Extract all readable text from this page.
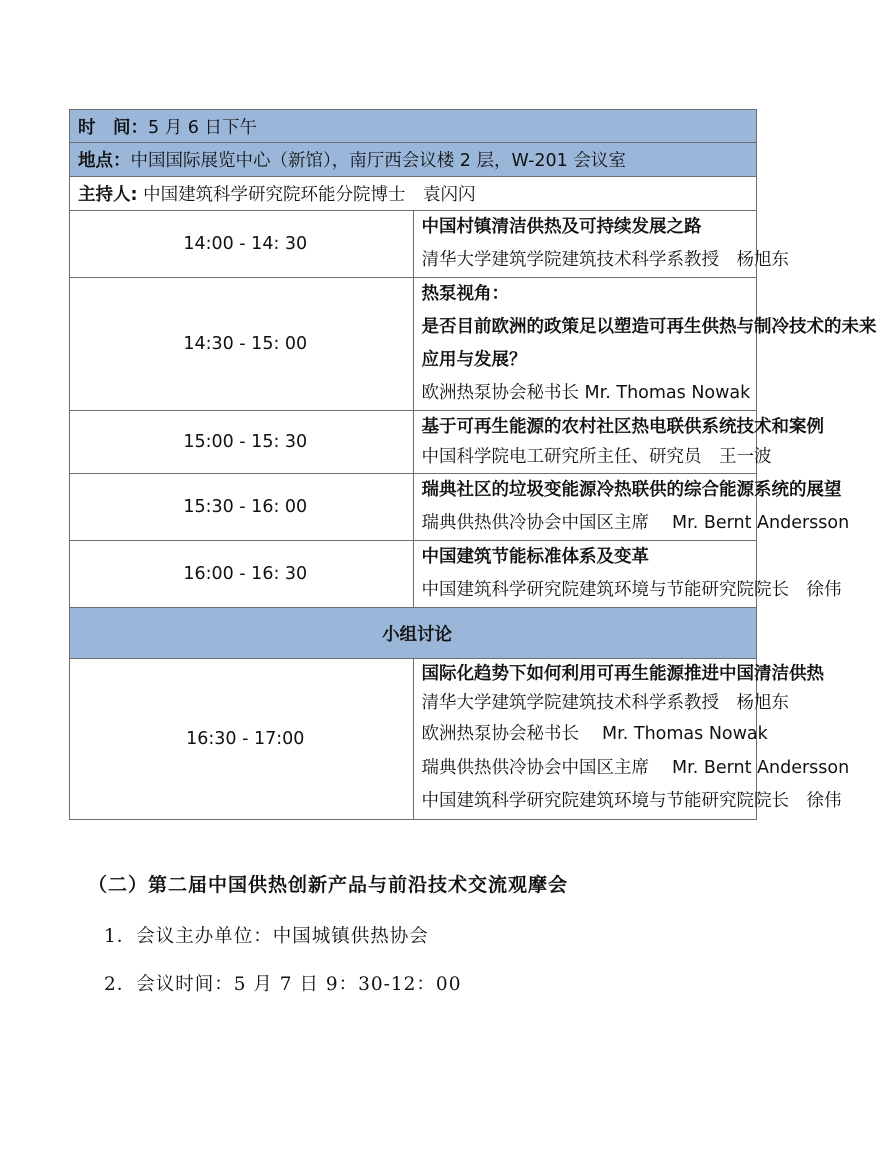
时　间：5 月 6 日下午	
地点：中国国际展览中心（新馆），南厅西会议楼 2 层，W-201 会议室	
主持人: 中国建筑科学研究院环能分院博士　袁闪闪	
14:00 - 14: 30	中国村镇清洁供热及可持续发展之路
清华大学建筑学院建筑技术科学系教授　杨旭东

14:30 - 15: 00	热泵视角：
是否目前欧洲的政策足以塑造可再生供热与制冷技术的未来
应用与发展？
欧洲热泵协会秘书长 Mr. Thomas Nowak

15:00 - 15: 30	基于可再生能源的农村社区热电联供系统技术和案例
中国科学院电工研究所主任、研究员　王一波

15:30 - 16: 00	瑞典社区的垃圾变能源冷热联供的综合能源系统的展望
瑞典供热供冷协会中国区主席　 Mr. Bernt Andersson

16:00 - 16: 30	中国建筑节能标准体系及变革
中国建筑科学研究院建筑环境与节能研究院院长　徐伟

小组讨论	
16:30 - 17:00	国际化趋势下如何利用可再生能源推进中国清洁供热
清华大学建筑学院建筑技术科学系教授　杨旭东
欧洲热泵协会秘书长　 Mr. Thomas Nowak
瑞典供热供冷协会中国区主席　 Mr. Bernt Andersson
中国建筑科学研究院建筑环境与节能研究院院长　徐伟
（二）第二届中国供热创新产品与前沿技术交流观摩会
1．会议主办单位：中国城镇供热协会
2．会议时间：5 月 7 日 9：30-12：00
